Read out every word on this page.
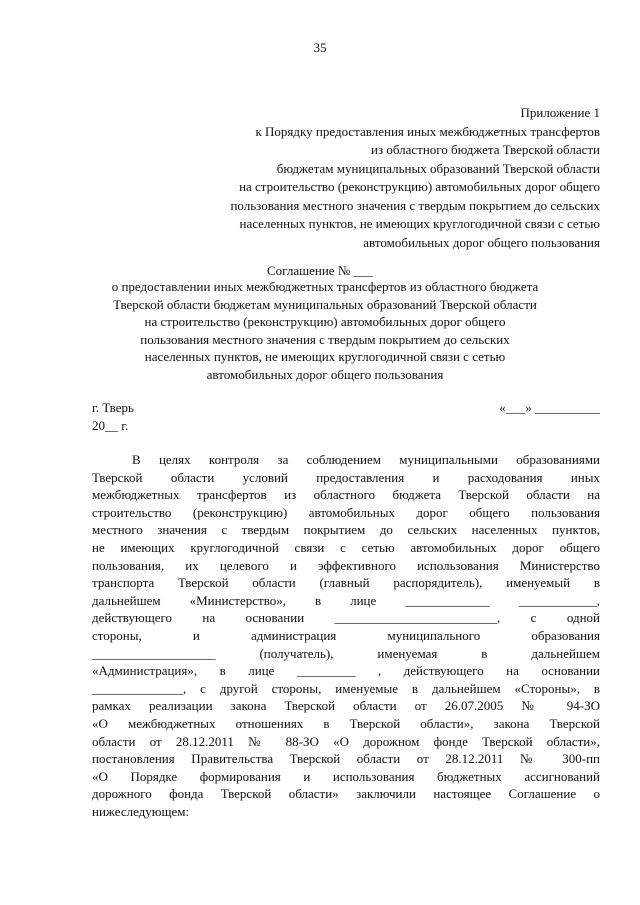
35
Приложение 1
к Порядку предоставления иных межбюджетных трансфертов
из областного бюджета Тверской области
бюджетам муниципальных образований Тверской области
на строительство (реконструкцию) автомобильных дорог общего
пользования местного значения с твердым покрытием до сельских
населенных пунктов, не имеющих круглогодичной связи с сетью
автомобильных дорог общего пользования
Соглашение № ___
о предоставлении иных межбюджетных трансфертов из областного бюджета
Тверской области бюджетам муниципальных образований Тверской области
на строительство (реконструкцию) автомобильных дорог общего
пользования местного значения с твердым покрытием до сельских
населенных пунктов, не имеющих круглогодичной связи с сетью
автомобильных дорог общего пользования
г. Тверь	«___» __________
20__ г.
В целях контроля за соблюдением муниципальными образованиями
Тверской области условий предоставления и расходования иных
межбюджетных трансфертов из областного бюджета Тверской области на
строительство (реконструкцию) автомобильных дорог общего пользования
местного значения с твердым покрытием до сельских населенных пунктов,
не имеющих круглогодичной связи с сетью автомобильных дорог общего
пользования, их целевого и эффективного использования Министерство
транспорта Тверской области (главный распорядитель), именуемый в
дальнейшем «Министерство», в лице _____________ ____________,
действующего на основании _________________________, с одной
стороны, и администрация муниципального образования
___________________ (получатель), именуемая в дальнейшем
«Администрация», в лице _________ , действующего на основании
______________, с другой стороны, именуемые в дальнейшем «Стороны», в
рамках реализации закона Тверской области от 26.07.2005 № 94-ЗО
«О межбюджетных отношениях в Тверской области», закона Тверской
области от 28.12.2011 № 88-ЗО «О дорожном фонде Тверской области»,
постановления Правительства Тверской области от 28.12.2011 № 300-пп
«О Порядке формирования и использования бюджетных ассигнований
дорожного фонда Тверской области» заключили настоящее Соглашение о
нижеследующем:
